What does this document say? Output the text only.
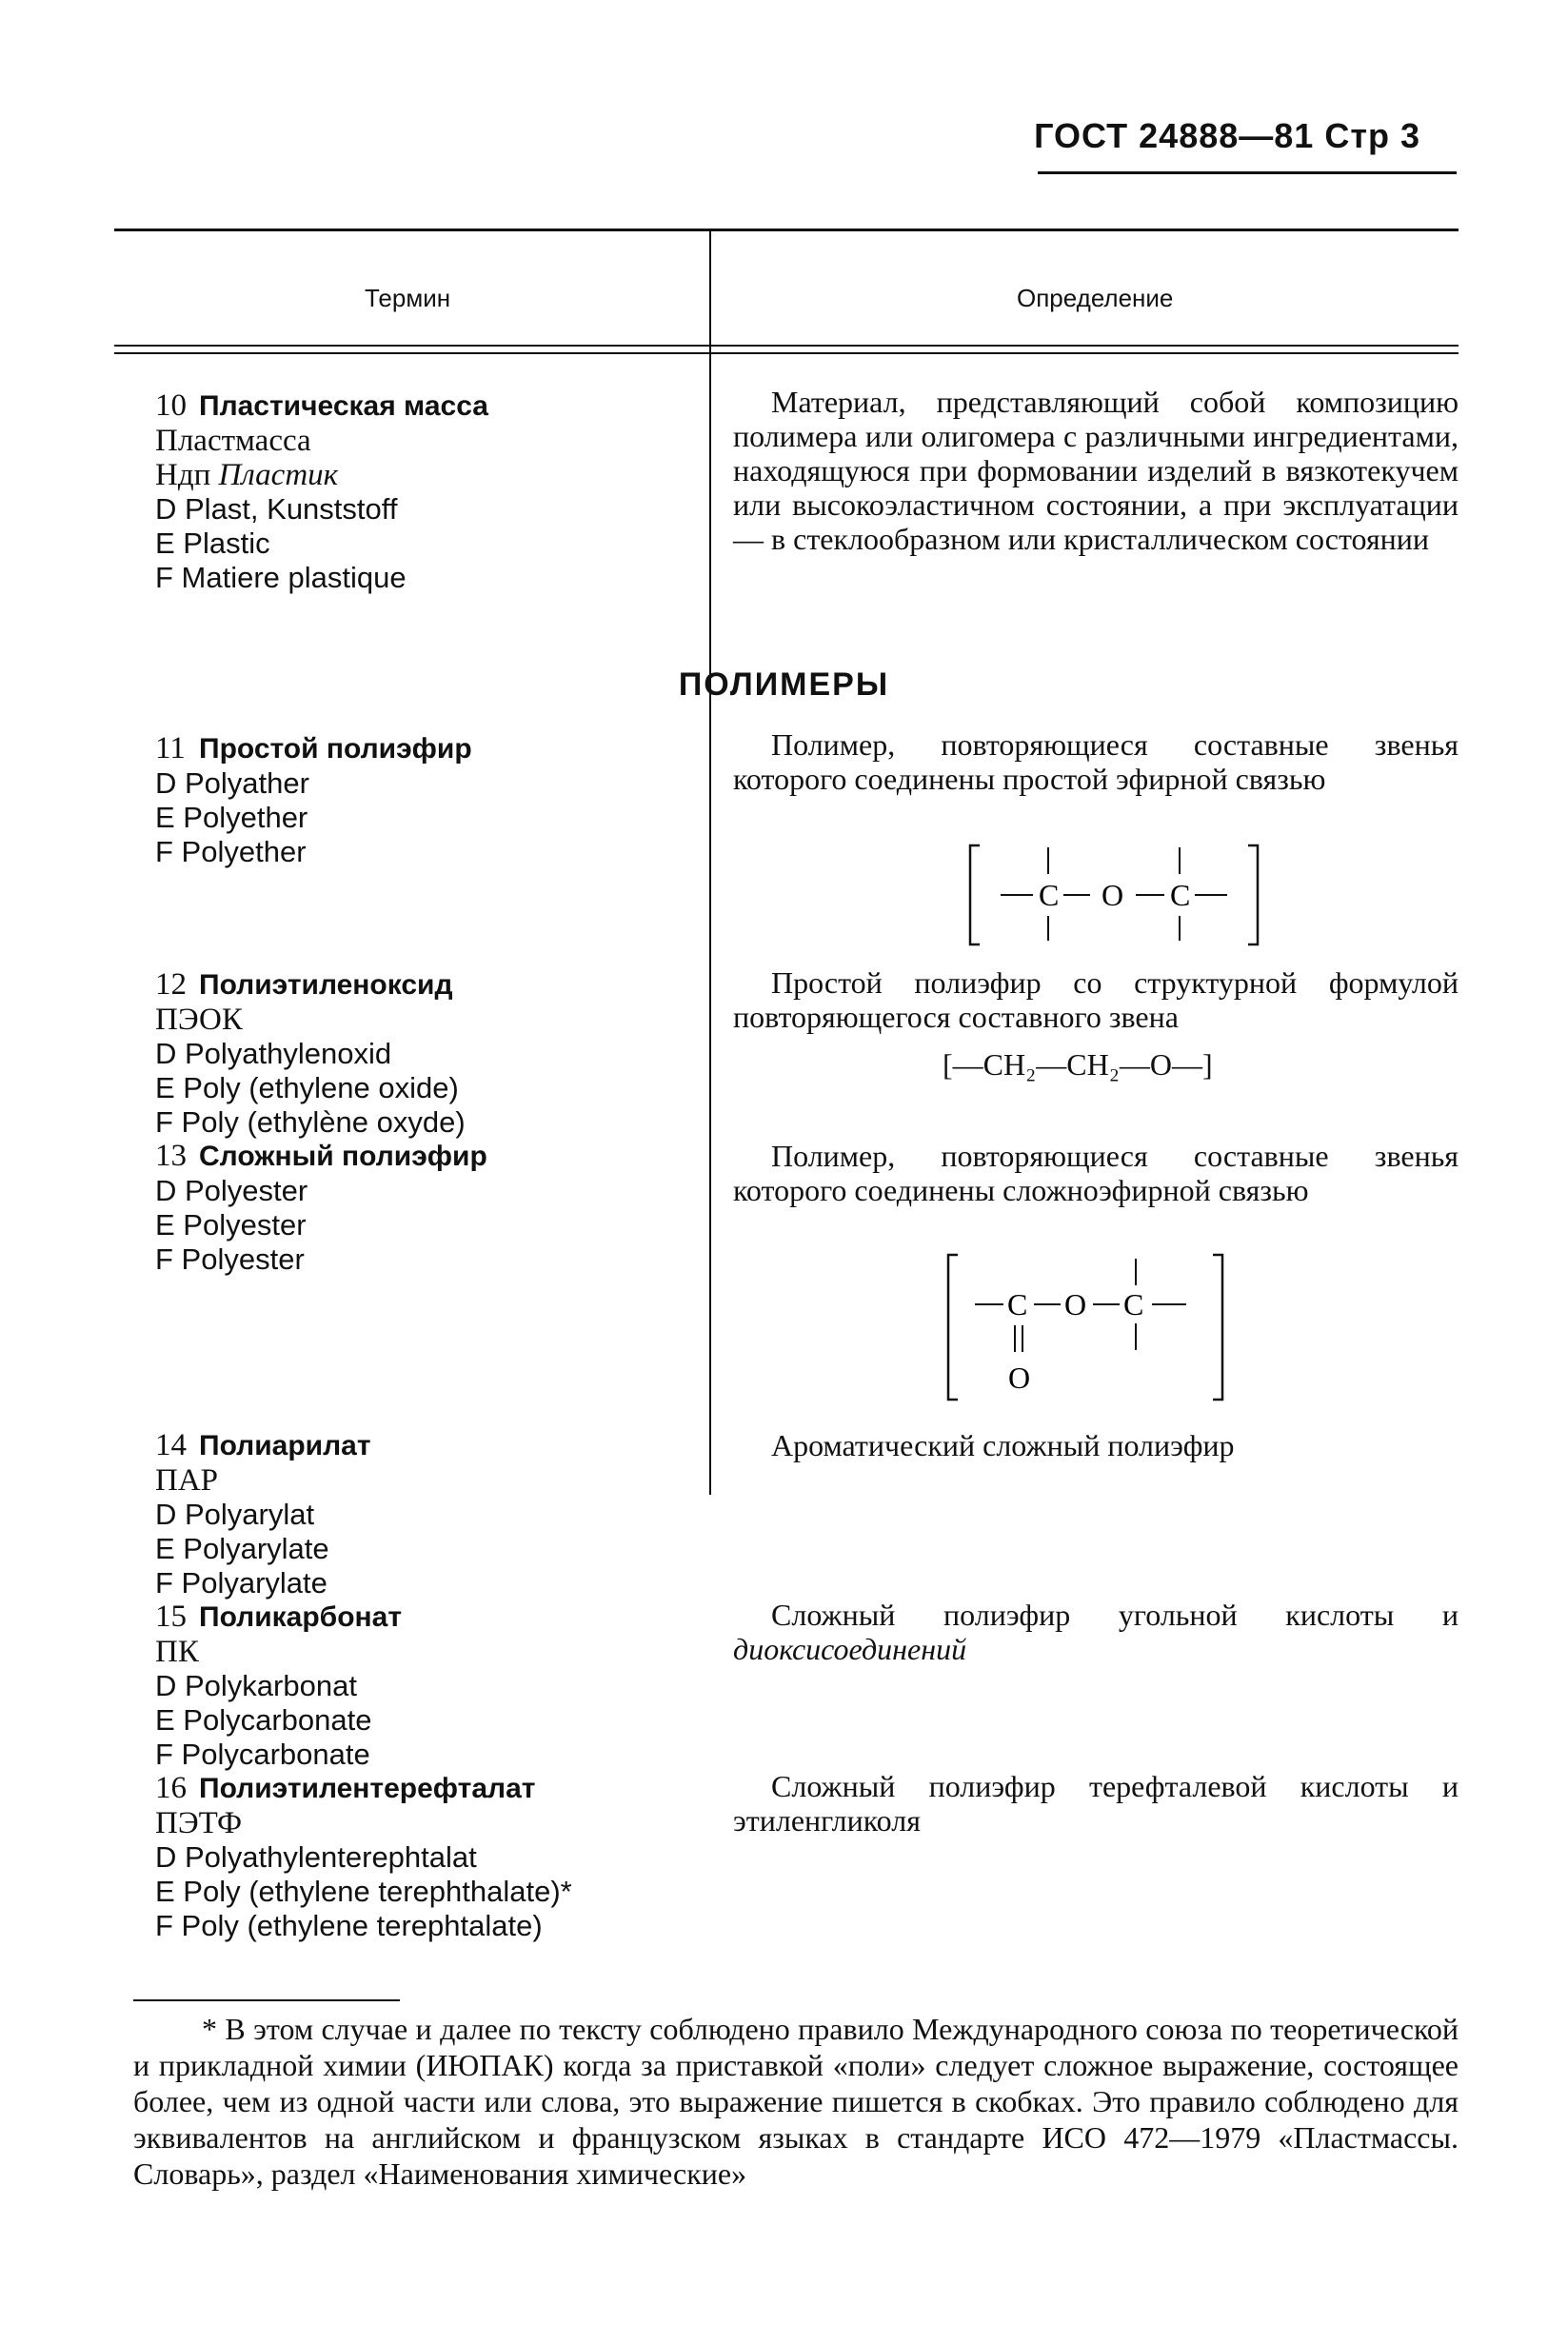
ГОСТ 24888—81 Стр 3
Термин	Определение
10 Пластическая масса
Пластмасса
Ндп Пластик
D Plast, Kunststoff
E Plastic
F Matiere plastique
Материал, представляющий собой композицию полимера или олигомера с различными ингредиентами, находящуюся при формовании изделий в вязкотекучем или высокоэластичном состоянии, а при эксплуатации — в стеклообразном или кристаллическом состоянии
ПОЛИМЕРЫ
11 Простой полиэфир
D Polyather
E Polyether
F Polyether
Полимер, повторяющиеся составные звенья которого соединены простой эфирной связью
C O C
12 Полиэтиленоксид
ПЭОК
D Polyathylenoxid
E Poly (ethylene oxide)
F Poly (ethylène oxyde)
Простой полиэфир со структурной формулой повторяющегося составного звена
[—CH₂—CH₂—O—]
13 Сложный полиэфир
D Polyester
E Polyester
F Polyester
Полимер, повторяющиеся составные звенья которого соединены сложноэфирной связью
C O C
O
14 Полиарилат
ПАР
D Polyarylat
E Polyarylate
F Polyarylate
Ароматический сложный полиэфир
15 Поликарбонат
ПК
D Polykarbonat
E Polycarbonate
F Polycarbonate
Сложный полиэфир угольной кислоты и диоксисоединений
16 Полиэтилентерефталат
ПЭТФ
D Polyathylenterephtalat
E Poly (ethylene terephthalate)*
F Poly (ethylene terephtalate)
Сложный полиэфир терефталевой кислоты и этиленгликоля
* В этом случае и далее по тексту соблюдено правило Международного союза по теоретической и прикладной химии (ИЮПАК) когда за приставкой «поли» следует сложное выражение, состоящее более, чем из одной части или слова, это выражение пишется в скобках. Это правило соблюдено для эквивалентов на английском и французском языках в стандарте ИСО 472—1979 «Пластмассы. Словарь», раздел «Наименования химические»
